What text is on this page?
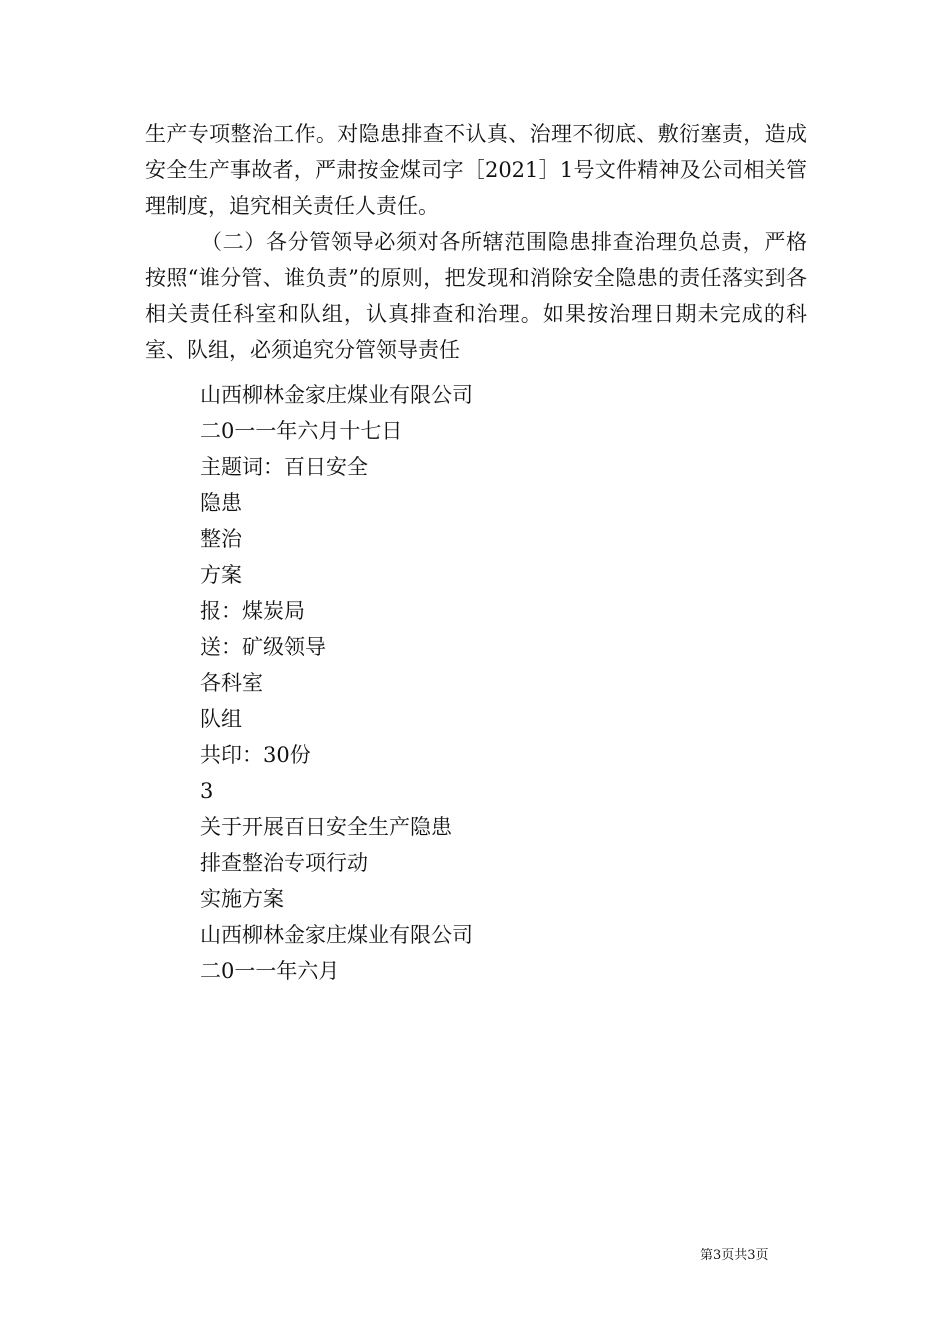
生产专项整治工作。对隐患排查不认真、治理不彻底、敷衍塞责，造成安全生产事故者，严肃按金煤司字［2021］1号文件精神及公司相关管理制度，追究相关责任人责任。

（二）各分管领导必须对各所辖范围隐患排查治理负总责，严格按照“谁分管、谁负责”的原则，把发现和消除安全隐患的责任落实到各相关责任科室和队组，认真排查和治理。如果按治理日期未完成的科室、队组，必须追究分管领导责任

山西柳林金家庄煤业有限公司

二0一一年六月十七日

主题词：百日安全

隐患

整治

方案

报：煤炭局

送：矿级领导

各科室

队组

共印：30份

3

关于开展百日安全生产隐患

排查整治专项行动

实施方案

山西柳林金家庄煤业有限公司

二0一一年六月

第3页共3页
